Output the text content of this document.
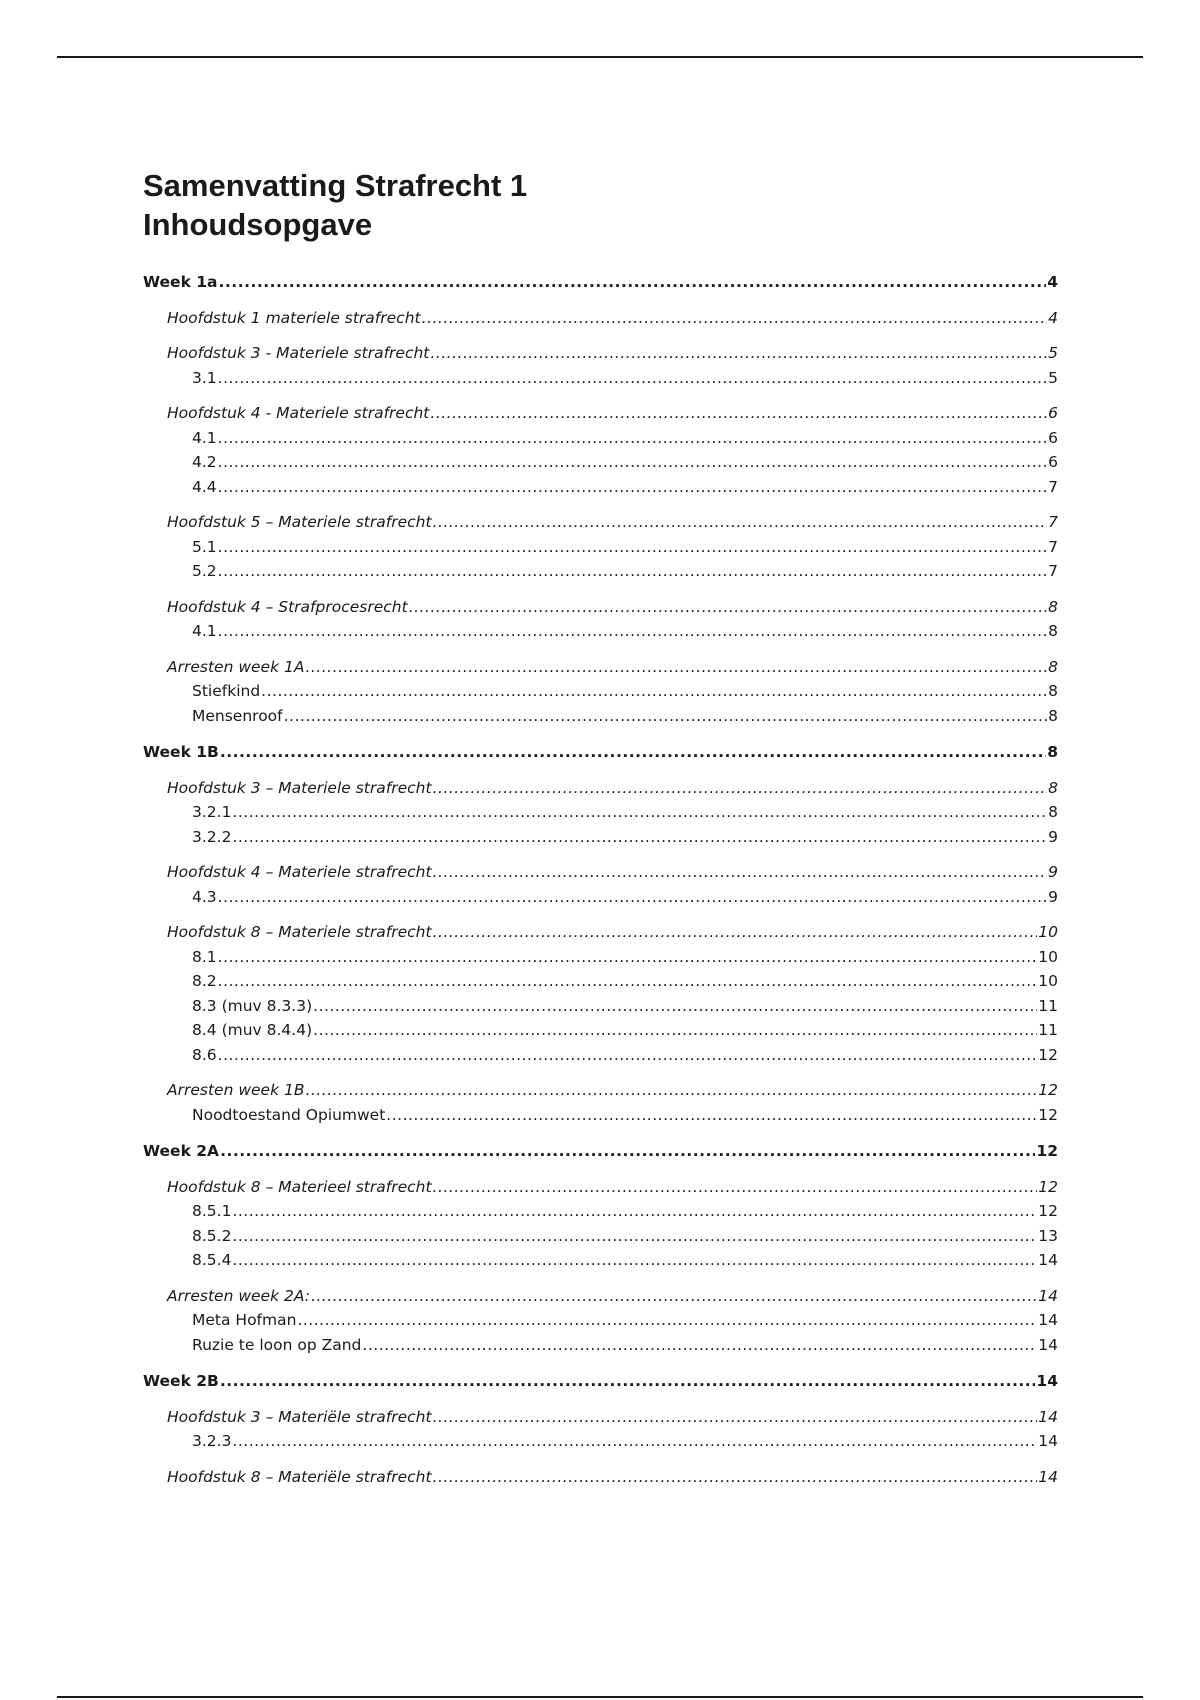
Samenvatting Strafrecht 1
Inhoudsopgave
Week 1a .....	4
Hoofdstuk 1 materiele strafrecht .....	4
Hoofdstuk 3 - Materiele strafrecht .....	5
3.1 .....	5
Hoofdstuk 4 - Materiele strafrecht .....	6
4.1 .....	6
4.2 .....	6
4.4 .....	7
Hoofdstuk 5 – Materiele strafrecht .....	7
5.1 .....	7
5.2 .....	7
Hoofdstuk 4 – Strafprocesrecht .....	8
4.1 .....	8
Arresten week 1A .....	8
Stiefkind .....	8
Mensenroof .....	8
Week 1B .....	8
Hoofdstuk 3 – Materiele strafrecht .....	8
3.2.1 .....	8
3.2.2 .....	9
Hoofdstuk 4 – Materiele strafrecht .....	9
4.3 .....	9
Hoofdstuk 8 – Materiele strafrecht .....	10
8.1 .....	10
8.2 .....	10
8.3 (muv 8.3.3) .....	11
8.4 (muv 8.4.4) .....	11
8.6 .....	12
Arresten week 1B .....	12
Noodtoestand Opiumwet .....	12
Week 2A .....	12
Hoofdstuk 8 – Materieel strafrecht .....	12
8.5.1 .....	12
8.5.2 .....	13
8.5.4 .....	14
Arresten week 2A: .....	14
Meta Hofman .....	14
Ruzie te loon op Zand .....	14
Week 2B .....	14
Hoofdstuk 3 – Materiële strafrecht .....	14
3.2.3 .....	14
Hoofdstuk 8 – Materiële strafrecht .....	14
